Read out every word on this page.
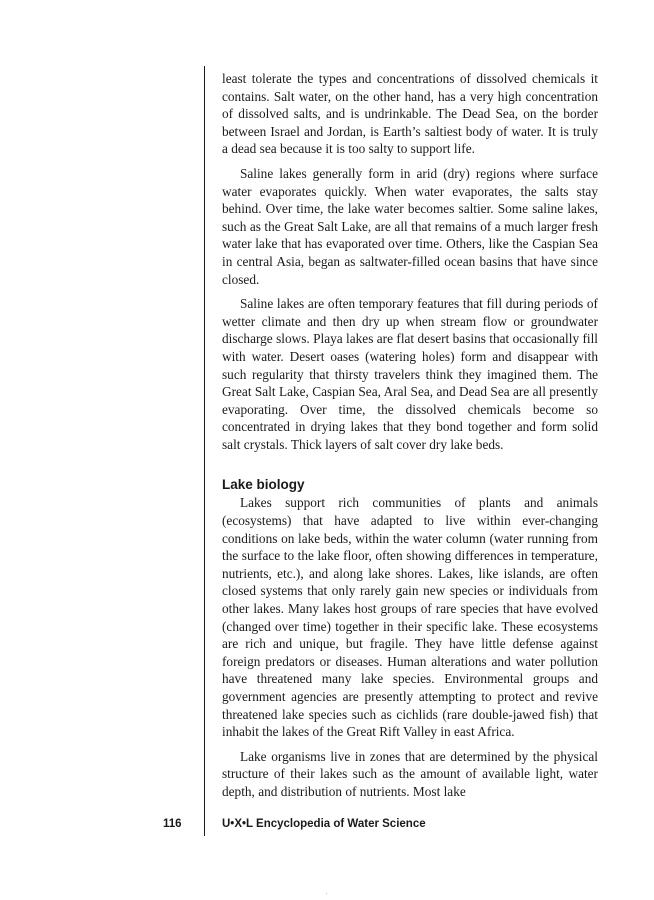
least tolerate the types and concentrations of dissolved chemicals it contains. Salt water, on the other hand, has a very high concentration of dissolved salts, and is undrinkable. The Dead Sea, on the border between Israel and Jordan, is Earth’s saltiest body of water. It is truly a dead sea because it is too salty to support life.

Saline lakes generally form in arid (dry) regions where surface water evaporates quickly. When water evaporates, the salts stay behind. Over time, the lake water becomes saltier. Some saline lakes, such as the Great Salt Lake, are all that remains of a much larger fresh water lake that has evaporated over time. Others, like the Caspian Sea in central Asia, began as saltwater-filled ocean basins that have since closed.

Saline lakes are often temporary features that fill during periods of wetter climate and then dry up when stream flow or groundwater discharge slows. Playa lakes are flat desert basins that occasionally fill with water. Desert oases (watering holes) form and disappear with such regularity that thirsty travelers think they imagined them. The Great Salt Lake, Caspian Sea, Aral Sea, and Dead Sea are all presently evaporating. Over time, the dissolved chemicals become so concentrated in drying lakes that they bond together and form solid salt crystals. Thick layers of salt cover dry lake beds.

Lake biology

Lakes support rich communities of plants and animals (ecosystems) that have adapted to live within ever-changing conditions on lake beds, within the water column (water running from the surface to the lake floor, often showing differences in temperature, nutrients, etc.), and along lake shores. Lakes, like islands, are often closed systems that only rarely gain new species or individuals from other lakes. Many lakes host groups of rare species that have evolved (changed over time) together in their specific lake. These ecosystems are rich and unique, but fragile. They have little defense against foreign predators or diseases. Human alterations and water pollution have threatened many lake species. Environmental groups and government agencies are presently attempting to protect and revive threatened lake species such as cichlids (rare double-jawed fish) that inhabit the lakes of the Great Rift Valley in east Africa.

Lake organisms live in zones that are determined by the physical structure of their lakes such as the amount of available light, water depth, and distribution of nutrients. Most lake

116	U•X•L Encyclopedia of Water Science
